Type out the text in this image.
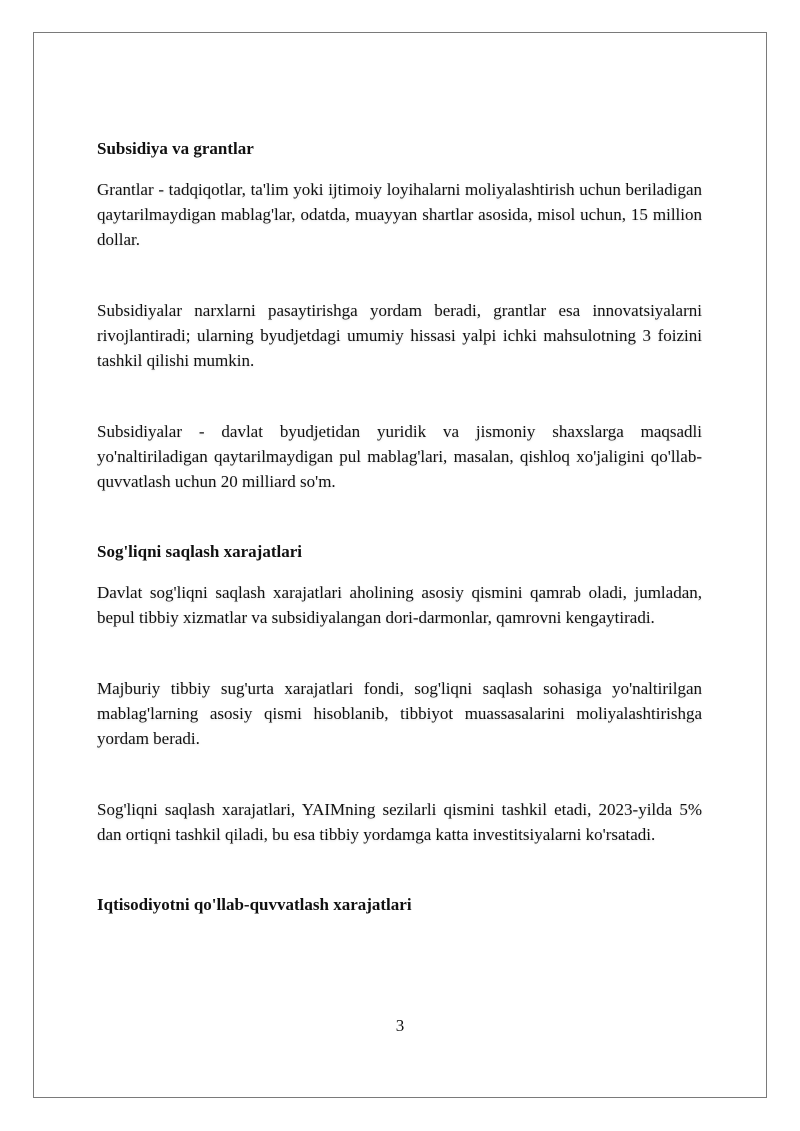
Subsidiya va grantlar

Grantlar - tadqiqotlar, ta'lim yoki ijtimoiy loyihalarni moliyalashtirish uchun beriladigan qaytarilmaydigan mablag'lar, odatda, muayyan shartlar asosida, misol uchun, 15 million dollar.

Subsidiyalar narxlarni pasaytirishga yordam beradi, grantlar esa innovatsiyalarni rivojlantiradi; ularning byudjetdagi umumiy hissasi yalpi ichki mahsulotning 3 foizini tashkil qilishi mumkin.

Subsidiyalar - davlat byudjetidan yuridik va jismoniy shaxslarga maqsadli yo'naltiriladigan qaytarilmaydigan pul mablag'lari, masalan, qishloq xo'jaligini qo'llab-quvvatlash uchun 20 milliard so'm.

Sog'liqni saqlash xarajatlari

Davlat sog'liqni saqlash xarajatlari aholining asosiy qismini qamrab oladi, jumladan, bepul tibbiy xizmatlar va subsidiyalangan dori-darmonlar, qamrovni kengaytiradi.

Majburiy tibbiy sug'urta xarajatlari fondi, sog'liqni saqlash sohasiga yo'naltirilgan mablag'larning asosiy qismi hisoblanib, tibbiyot muassasalarini moliyalashtirishga yordam beradi.

Sog'liqni saqlash xarajatlari, YAIMning sezilarli qismini tashkil etadi, 2023-yilda 5% dan ortiqni tashkil qiladi, bu esa tibbiy yordamga katta investitsiyalarni ko'rsatadi.

Iqtisodiyotni qo'llab-quvvatlash xarajatlari
3
